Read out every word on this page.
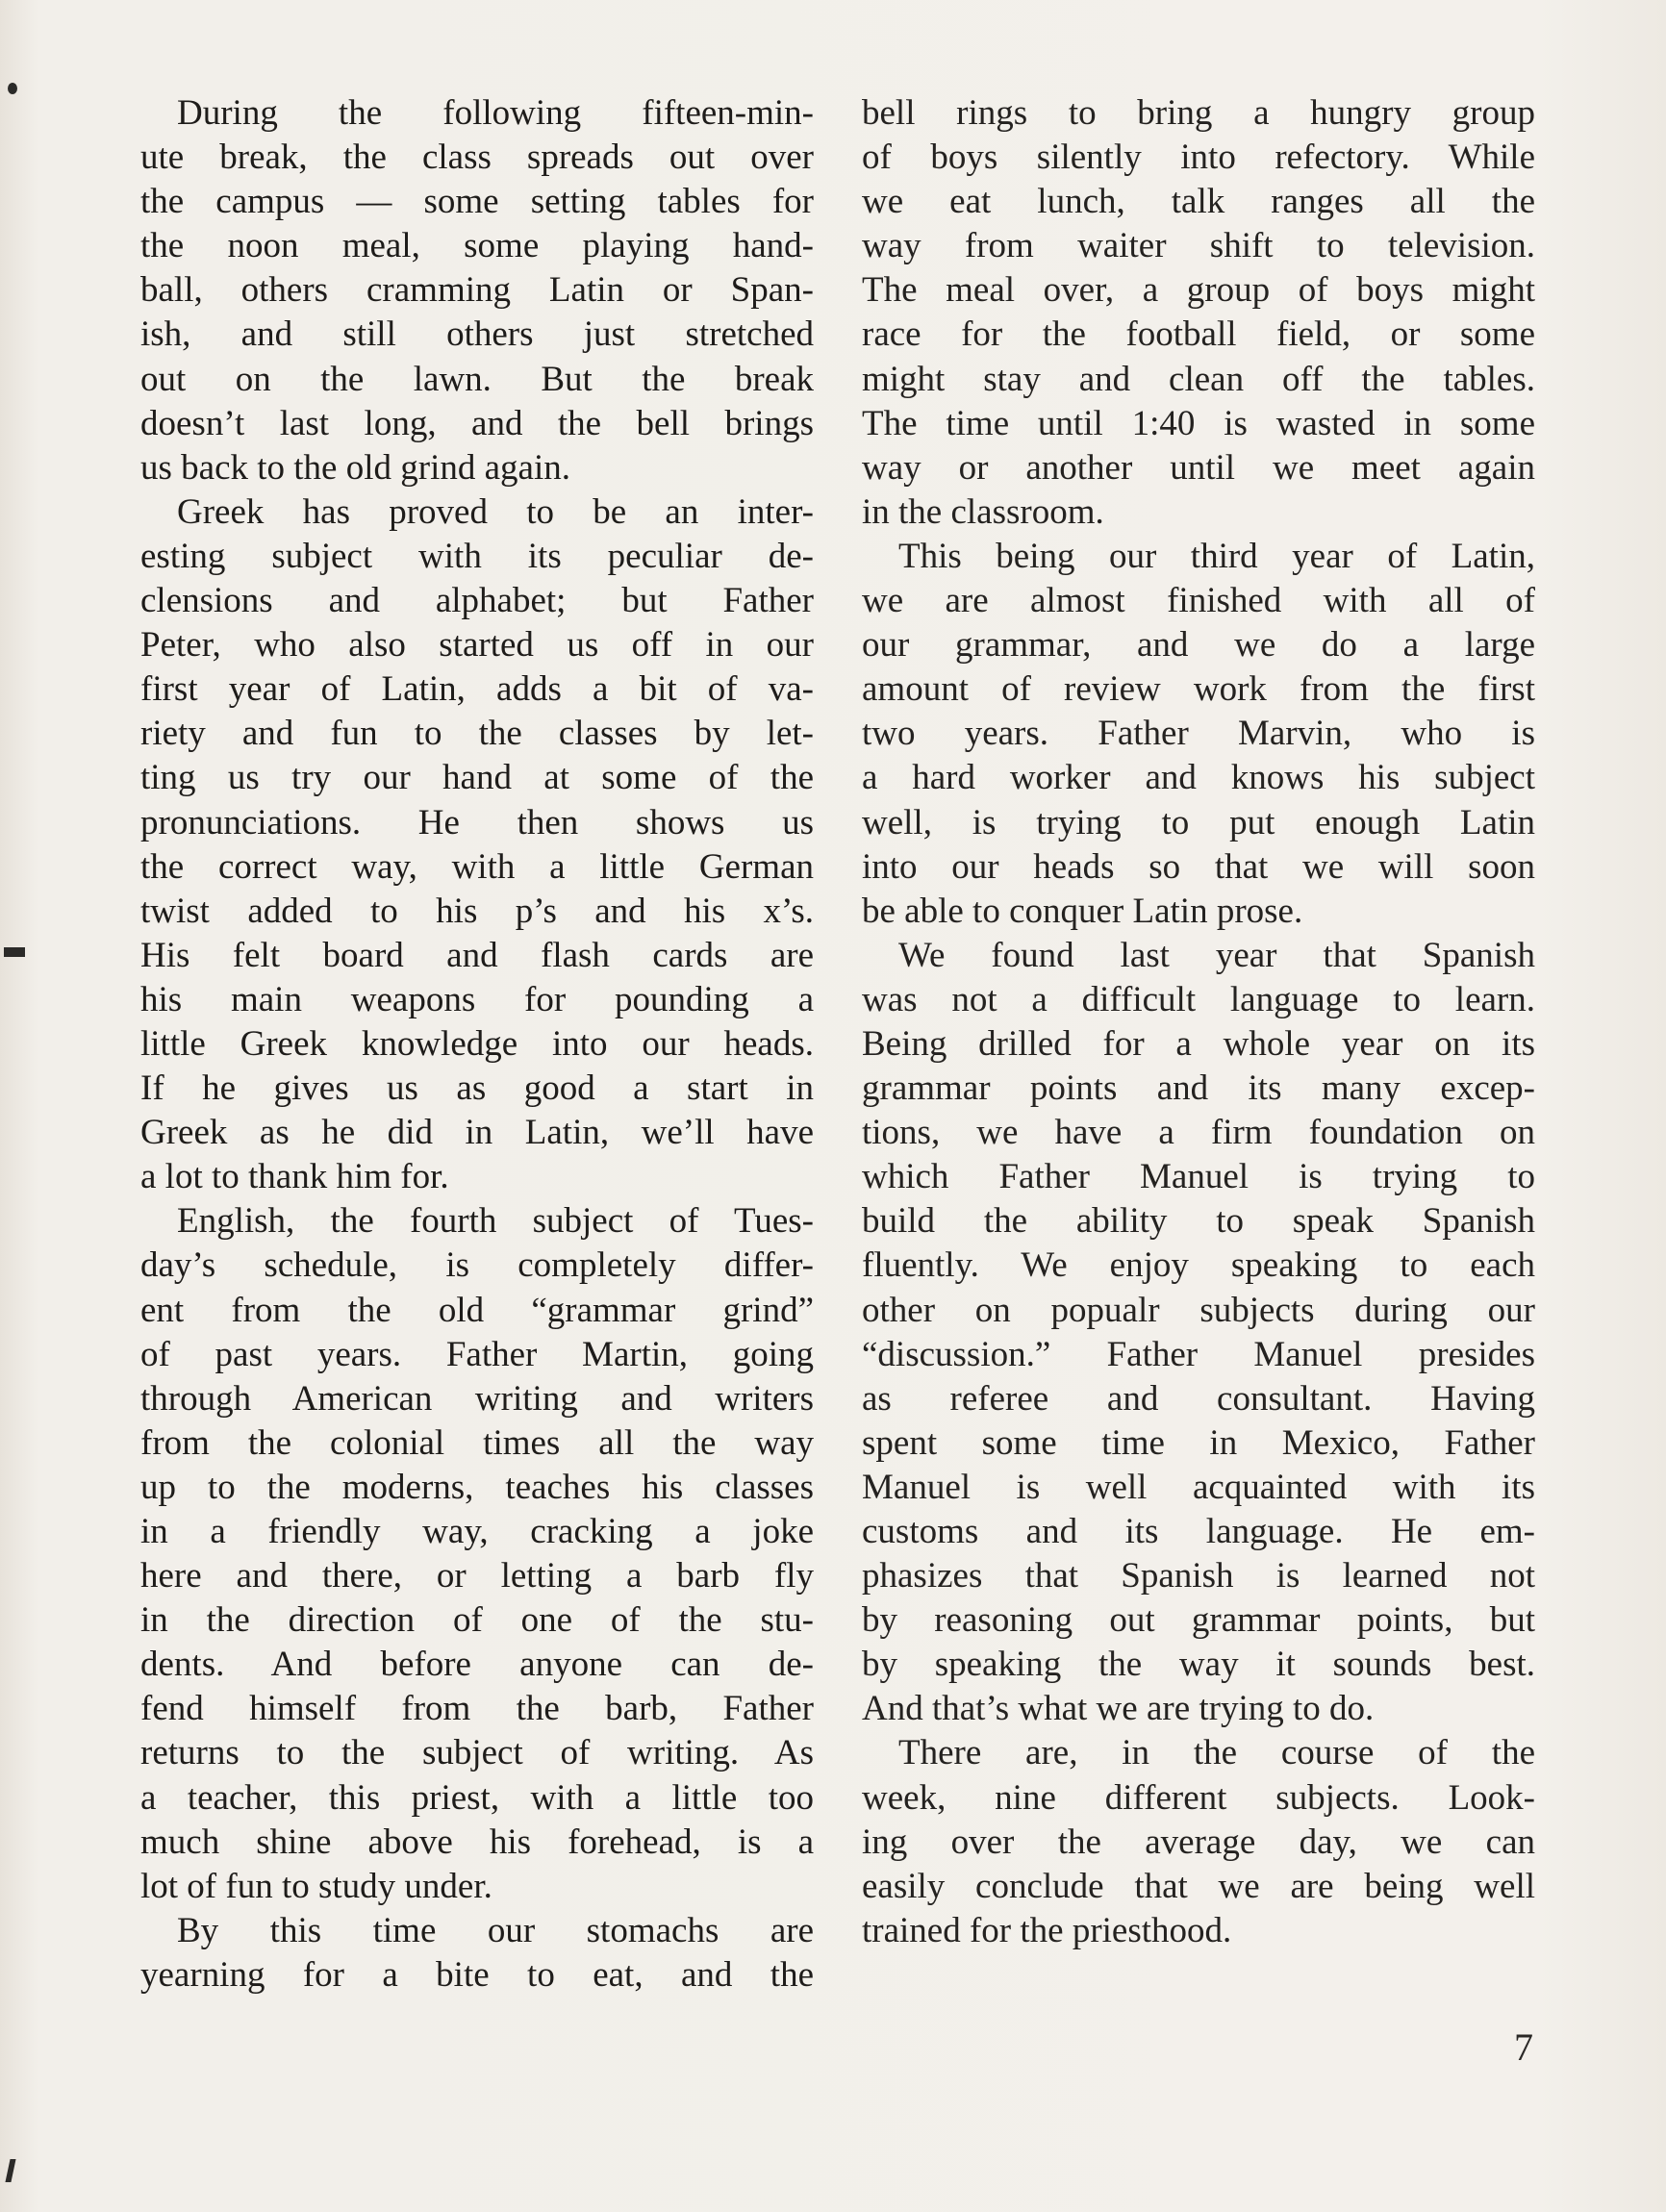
During the following fifteen-min-
ute break, the class spreads out over
the campus — some setting tables for
the noon meal, some playing hand-
ball, others cramming Latin or Span-
ish, and still others just stretched
out on the lawn. But the break
doesn’t last long, and the bell brings
us back to the old grind again.
Greek has proved to be an inter-
esting subject with its peculiar de-
clensions and alphabet; but Father
Peter, who also started us off in our
first year of Latin, adds a bit of va-
riety and fun to the classes by let-
ting us try our hand at some of the
pronunciations. He then shows us
the correct way, with a little German
twist added to his p’s and his x’s.
His felt board and flash cards are
his main weapons for pounding a
little Greek knowledge into our heads.
If he gives us as good a start in
Greek as he did in Latin, we’ll have
a lot to thank him for.
English, the fourth subject of Tues-
day’s schedule, is completely differ-
ent from the old “grammar grind”
of past years. Father Martin, going
through American writing and writers
from the colonial times all the way
up to the moderns, teaches his classes
in a friendly way, cracking a joke
here and there, or letting a barb fly
in the direction of one of the stu-
dents. And before anyone can de-
fend himself from the barb, Father
returns to the subject of writing. As
a teacher, this priest, with a little too
much shine above his forehead, is a
lot of fun to study under.
By this time our stomachs are
yearning for a bite to eat, and the
bell rings to bring a hungry group
of boys silently into refectory. While
we eat lunch, talk ranges all the
way from waiter shift to television.
The meal over, a group of boys might
race for the football field, or some
might stay and clean off the tables.
The time until 1:40 is wasted in some
way or another until we meet again
in the classroom.
This being our third year of Latin,
we are almost finished with all of
our grammar, and we do a large
amount of review work from the first
two years. Father Marvin, who is
a hard worker and knows his subject
well, is trying to put enough Latin
into our heads so that we will soon
be able to conquer Latin prose.
We found last year that Spanish
was not a difficult language to learn.
Being drilled for a whole year on its
grammar points and its many excep-
tions, we have a firm foundation on
which Father Manuel is trying to
build the ability to speak Spanish
fluently. We enjoy speaking to each
other on popualr subjects during our
“discussion.” Father Manuel presides
as referee and consultant. Having
spent some time in Mexico, Father
Manuel is well acquainted with its
customs and its language. He em-
phasizes that Spanish is learned not
by reasoning out grammar points, but
by speaking the way it sounds best.
And that’s what we are trying to do.
There are, in the course of the
week, nine different subjects. Look-
ing over the average day, we can
easily conclude that we are being well
trained for the priesthood.
7
